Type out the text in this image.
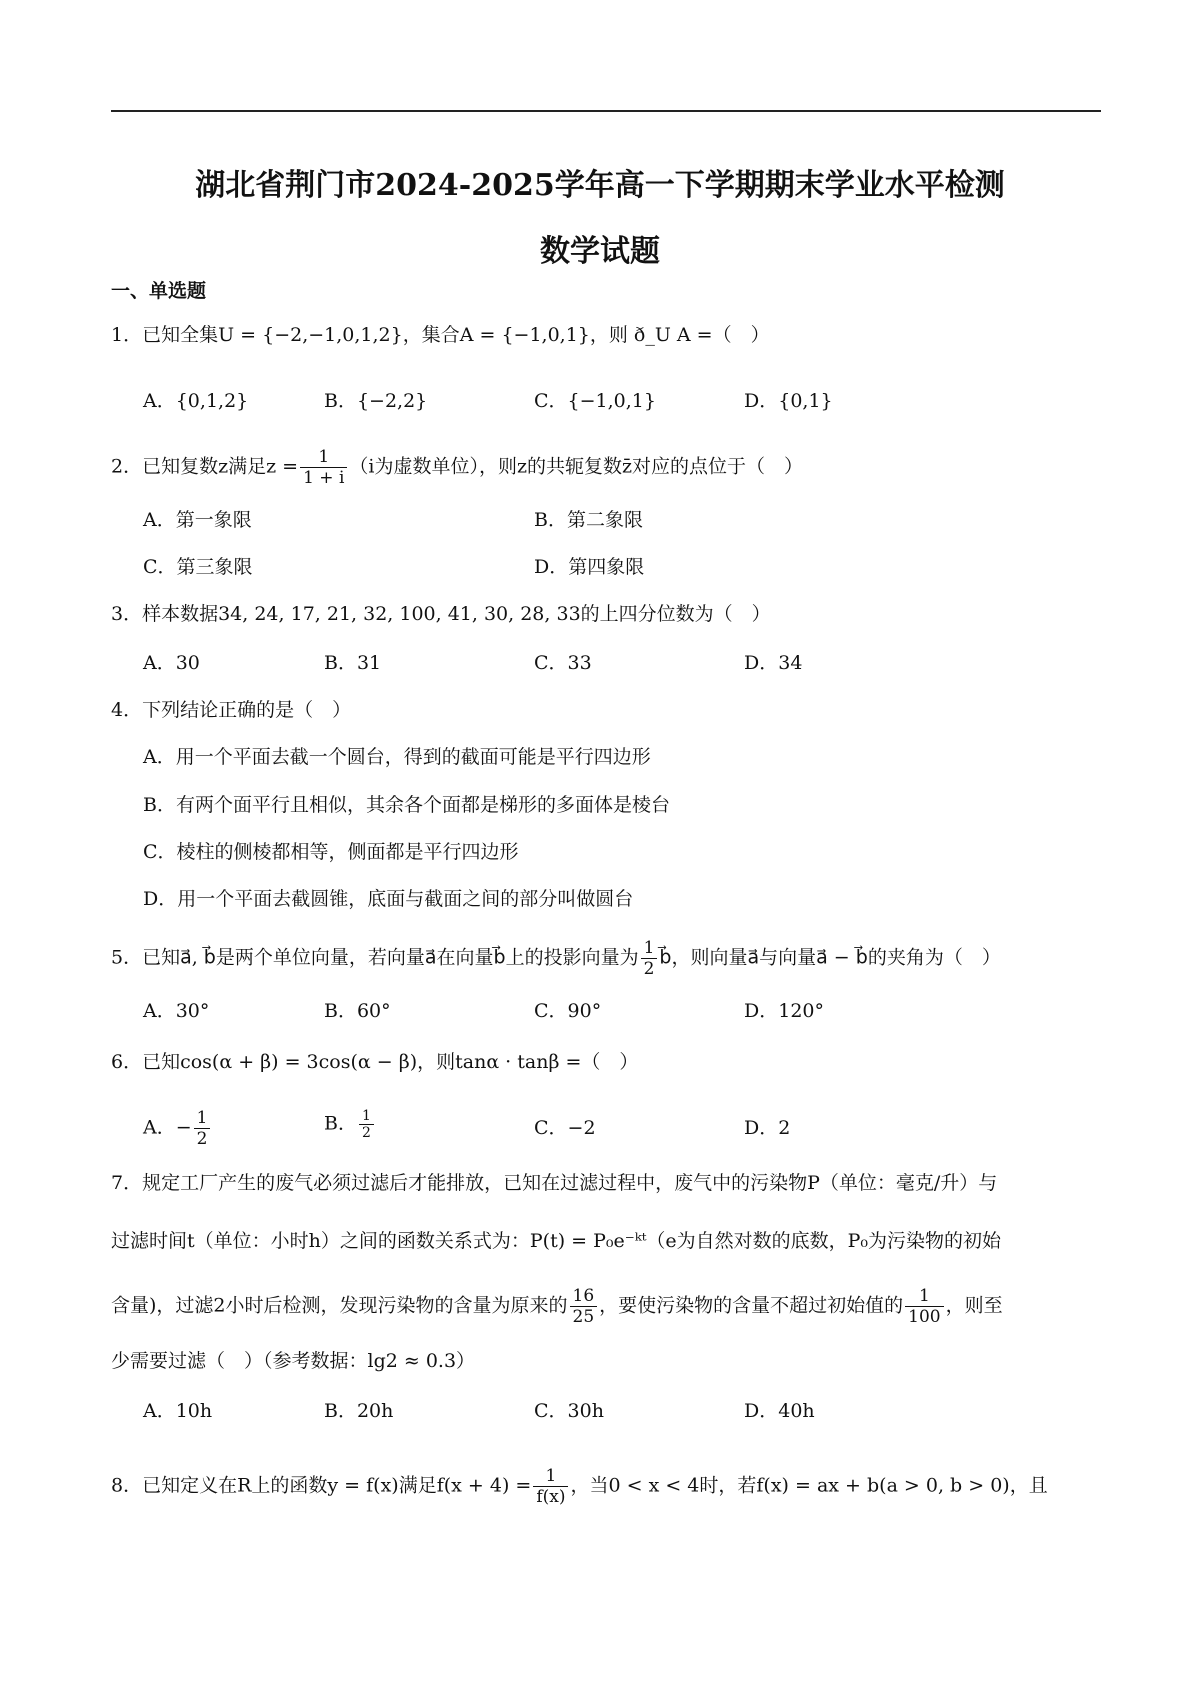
湖北省荆门市2024-2025学年高一下学期期末学业水平检测
数学试题
一、单选题
1．已知全集U = {−2,−1,0,1,2}，集合A = {−1,0,1}，则 ð_U A =（　）
A．{0,1,2}	B．{−2,2}	C．{−1,0,1}	D．{0,1}
2．已知复数z满足$z = \frac{1}{1 + i} (i$为虚数单位），则z的共轭复数z̄对应的点位于（　）
A．第一象限	B．第二象限
C．第三象限	D．第四象限
3．样本数据34, 24, 17, 21, 32, 100, 41, 30, 28, 33的上四分位数为（　）
A．30	B．31	C．33	D．34
4．下列结论正确的是（　）
A．用一个平面去截一个圆台，得到的截面可能是平行四边形
B．有两个面平行且相似，其余各个面都是梯形的多面体是棱台
C．棱柱的侧棱都相等，侧面都是平行四边形
D．用一个平面去截圆锥，底面与截面之间的部分叫做圆台
5．已知a⃗, b⃗是两个单位向量，若向量a⃗在向量b⃗上的投影向量为 $\frac{1}{2}$ b⃗，则向量a⃗与向量a⃗ − b⃗的夹角为（　）
A．30°	B．60°	C．90°	D．120°
6．已知cos(α + β) = 3cos(α − β)，则tanα · tanβ =（　）
A．− $\frac{1}{2}$	B． $\frac{1}{2}$	C．−2	D．2
7．规定工厂产生的废气必须过滤后才能排放，已知在过滤过程中，废气中的污染物P（单位：毫克/升）与
过滤时间t（单位：小时h）之间的函数关系式为：P(t) = P₀e⁻ᵏᵗ（e为自然对数的底数，P₀为污染物的初始
含量)，过滤2小时后检测，发现污染物的含量为原来的 $\frac{16}{25}$ ，要使污染物的含量不超过初始值的 $\frac{1}{100}$ ，则至
少需要过滤（　）（参考数据：lg2 ≈ 0.3）
A．10h	B．20h	C．30h	D．40h
8．已知定义在R上的函数y = f(x)满足$f(x + 4) = \frac{1}{f(x)}$ ，当0 < x < 4时，若f(x) = ax + b(a > 0, b > 0)，且
